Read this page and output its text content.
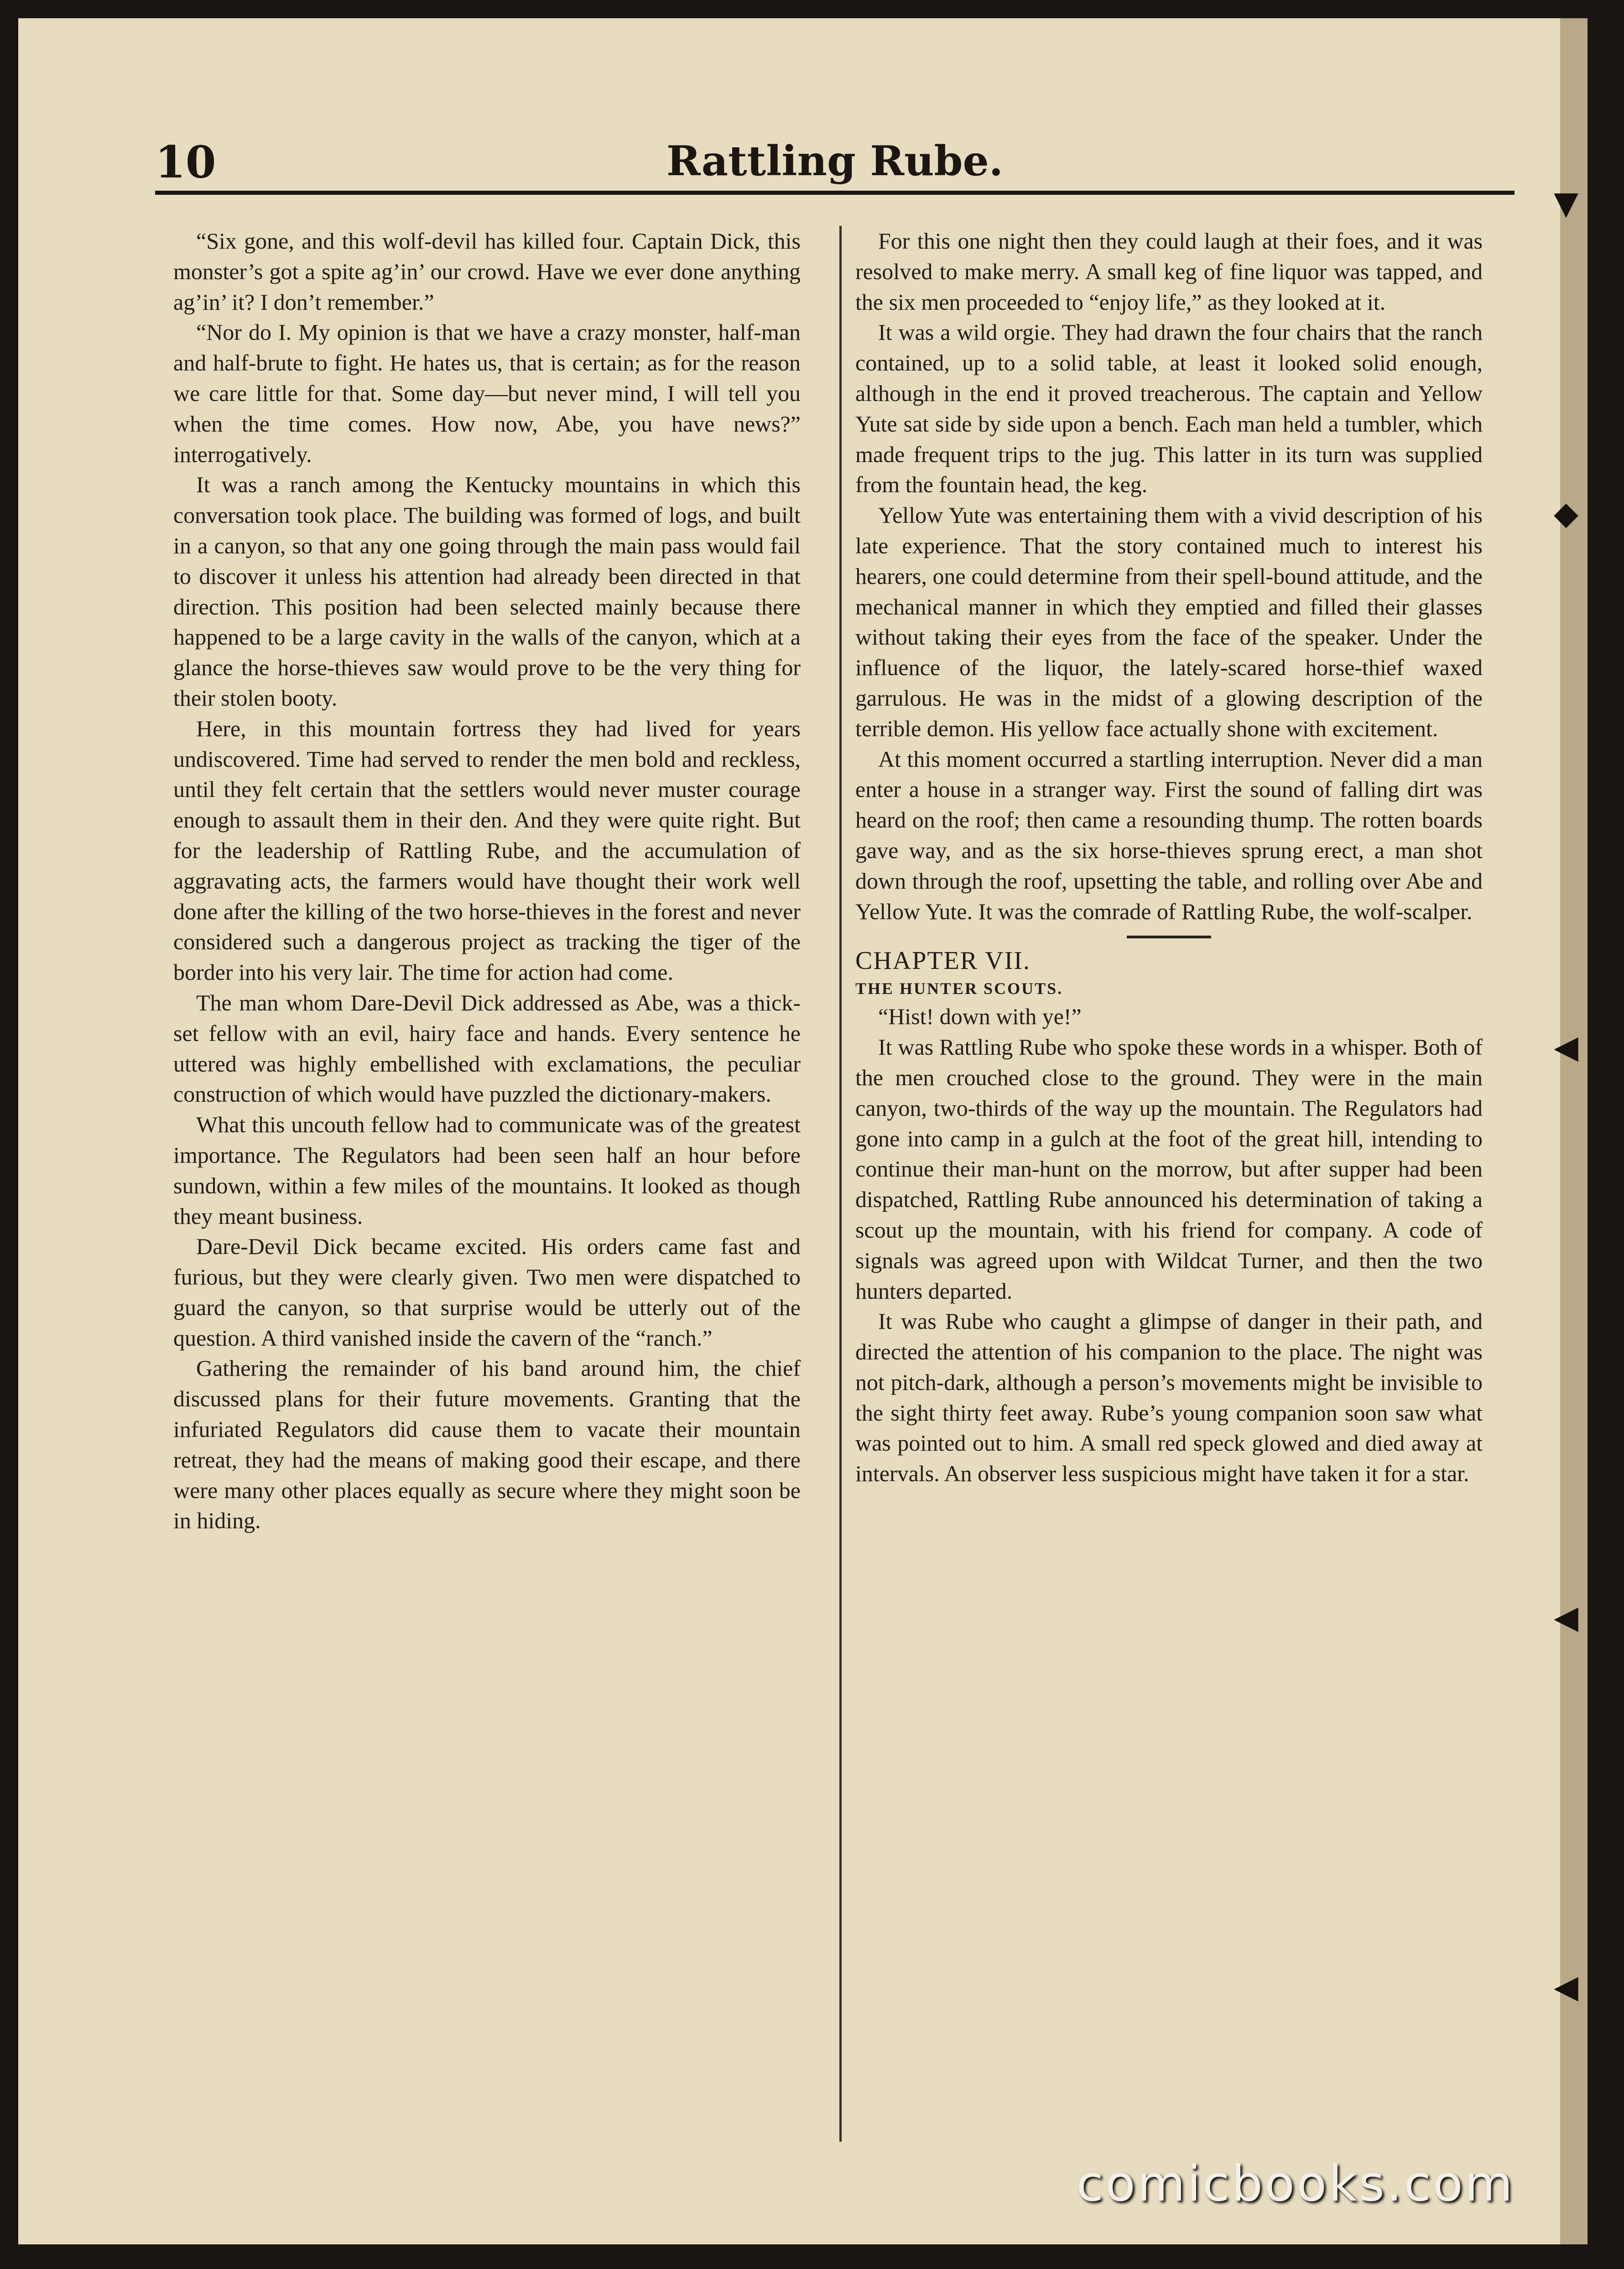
▼
◆
◀
◀
◀
10	Rattling Rube.

“Six gone, and this wolf-devil has killed four. Captain Dick, this monster’s got a spite ag’in’ our crowd. Have we ever done anything ag’in’ it? I don’t remember.”

“Nor do I. My opinion is that we have a crazy monster, half-man and half-brute to fight. He hates us, that is certain; as for the reason we care little for that. Some day—but never mind, I will tell you when the time comes. How now, Abe, you have news?” interrogatively.

It was a ranch among the Kentucky mountains in which this conversation took place. The building was formed of logs, and built in a canyon, so that any one going through the main pass would fail to discover it unless his attention had already been directed in that direction. This position had been selected mainly because there happened to be a large cavity in the walls of the canyon, which at a glance the horse-thieves saw would prove to be the very thing for their stolen booty.

Here, in this mountain fortress they had lived for years undiscovered. Time had served to render the men bold and reckless, until they felt certain that the settlers would never muster courage enough to assault them in their den. And they were quite right. But for the leadership of Rattling Rube, and the accumulation of aggravating acts, the farmers would have thought their work well done after the killing of the two horse-thieves in the forest and never considered such a dangerous project as tracking the tiger of the border into his very lair. The time for action had come.

The man whom Dare-Devil Dick addressed as Abe, was a thick-set fellow with an evil, hairy face and hands. Every sentence he uttered was highly embellished with exclamations, the peculiar construction of which would have puzzled the dictionary-makers.

What this uncouth fellow had to communicate was of the greatest importance. The Regulators had been seen half an hour before sundown, within a few miles of the mountains. It looked as though they meant business.

Dare-Devil Dick became excited. His orders came fast and furious, but they were clearly given. Two men were dispatched to guard the canyon, so that surprise would be utterly out of the question. A third vanished inside the cavern of the “ranch.”

Gathering the remainder of his band around him, the chief discussed plans for their future movements. Granting that the infuriated Regulators did cause them to vacate their mountain retreat, they had the means of making good their escape, and there were many other places equally as secure where they might soon be in hiding.

For this one night then they could laugh at their foes, and it was resolved to make merry. A small keg of fine liquor was tapped, and the six men proceeded to “enjoy life,” as they looked at it.

It was a wild orgie. They had drawn the four chairs that the ranch contained, up to a solid table, at least it looked solid enough, although in the end it proved treacherous. The captain and Yellow Yute sat side by side upon a bench. Each man held a tumbler, which made frequent trips to the jug. This latter in its turn was supplied from the fountain head, the keg.

Yellow Yute was entertaining them with a vivid description of his late experience. That the story contained much to interest his hearers, one could determine from their spell-bound attitude, and the mechanical manner in which they emptied and filled their glasses without taking their eyes from the face of the speaker. Under the influence of the liquor, the lately-scared horse-thief waxed garrulous. He was in the midst of a glowing description of the terrible demon. His yellow face actually shone with excitement.

At this moment occurred a startling interruption. Never did a man enter a house in a stranger way. First the sound of falling dirt was heard on the roof; then came a resounding thump. The rotten boards gave way, and as the six horse-thieves sprung erect, a man shot down through the roof, upsetting the table, and rolling over Abe and Yellow Yute. It was the comrade of Rattling Rube, the wolf-scalper.

CHAPTER VII.

THE HUNTER SCOUTS.

“Hist! down with ye!”

It was Rattling Rube who spoke these words in a whisper. Both of the men crouched close to the ground. They were in the main canyon, two-thirds of the way up the mountain. The Regulators had gone into camp in a gulch at the foot of the great hill, intending to continue their man-hunt on the morrow, but after supper had been dispatched, Rattling Rube announced his determination of taking a scout up the mountain, with his friend for company. A code of signals was agreed upon with Wildcat Turner, and then the two hunters departed.

It was Rube who caught a glimpse of danger in their path, and directed the attention of his companion to the place. The night was not pitch-dark, although a person’s movements might be invisible to the sight thirty feet away. Rube’s young companion soon saw what was pointed out to him. A small red speck glowed and died away at intervals. An observer less suspicious might have taken it for a star.

comicbooks.com
